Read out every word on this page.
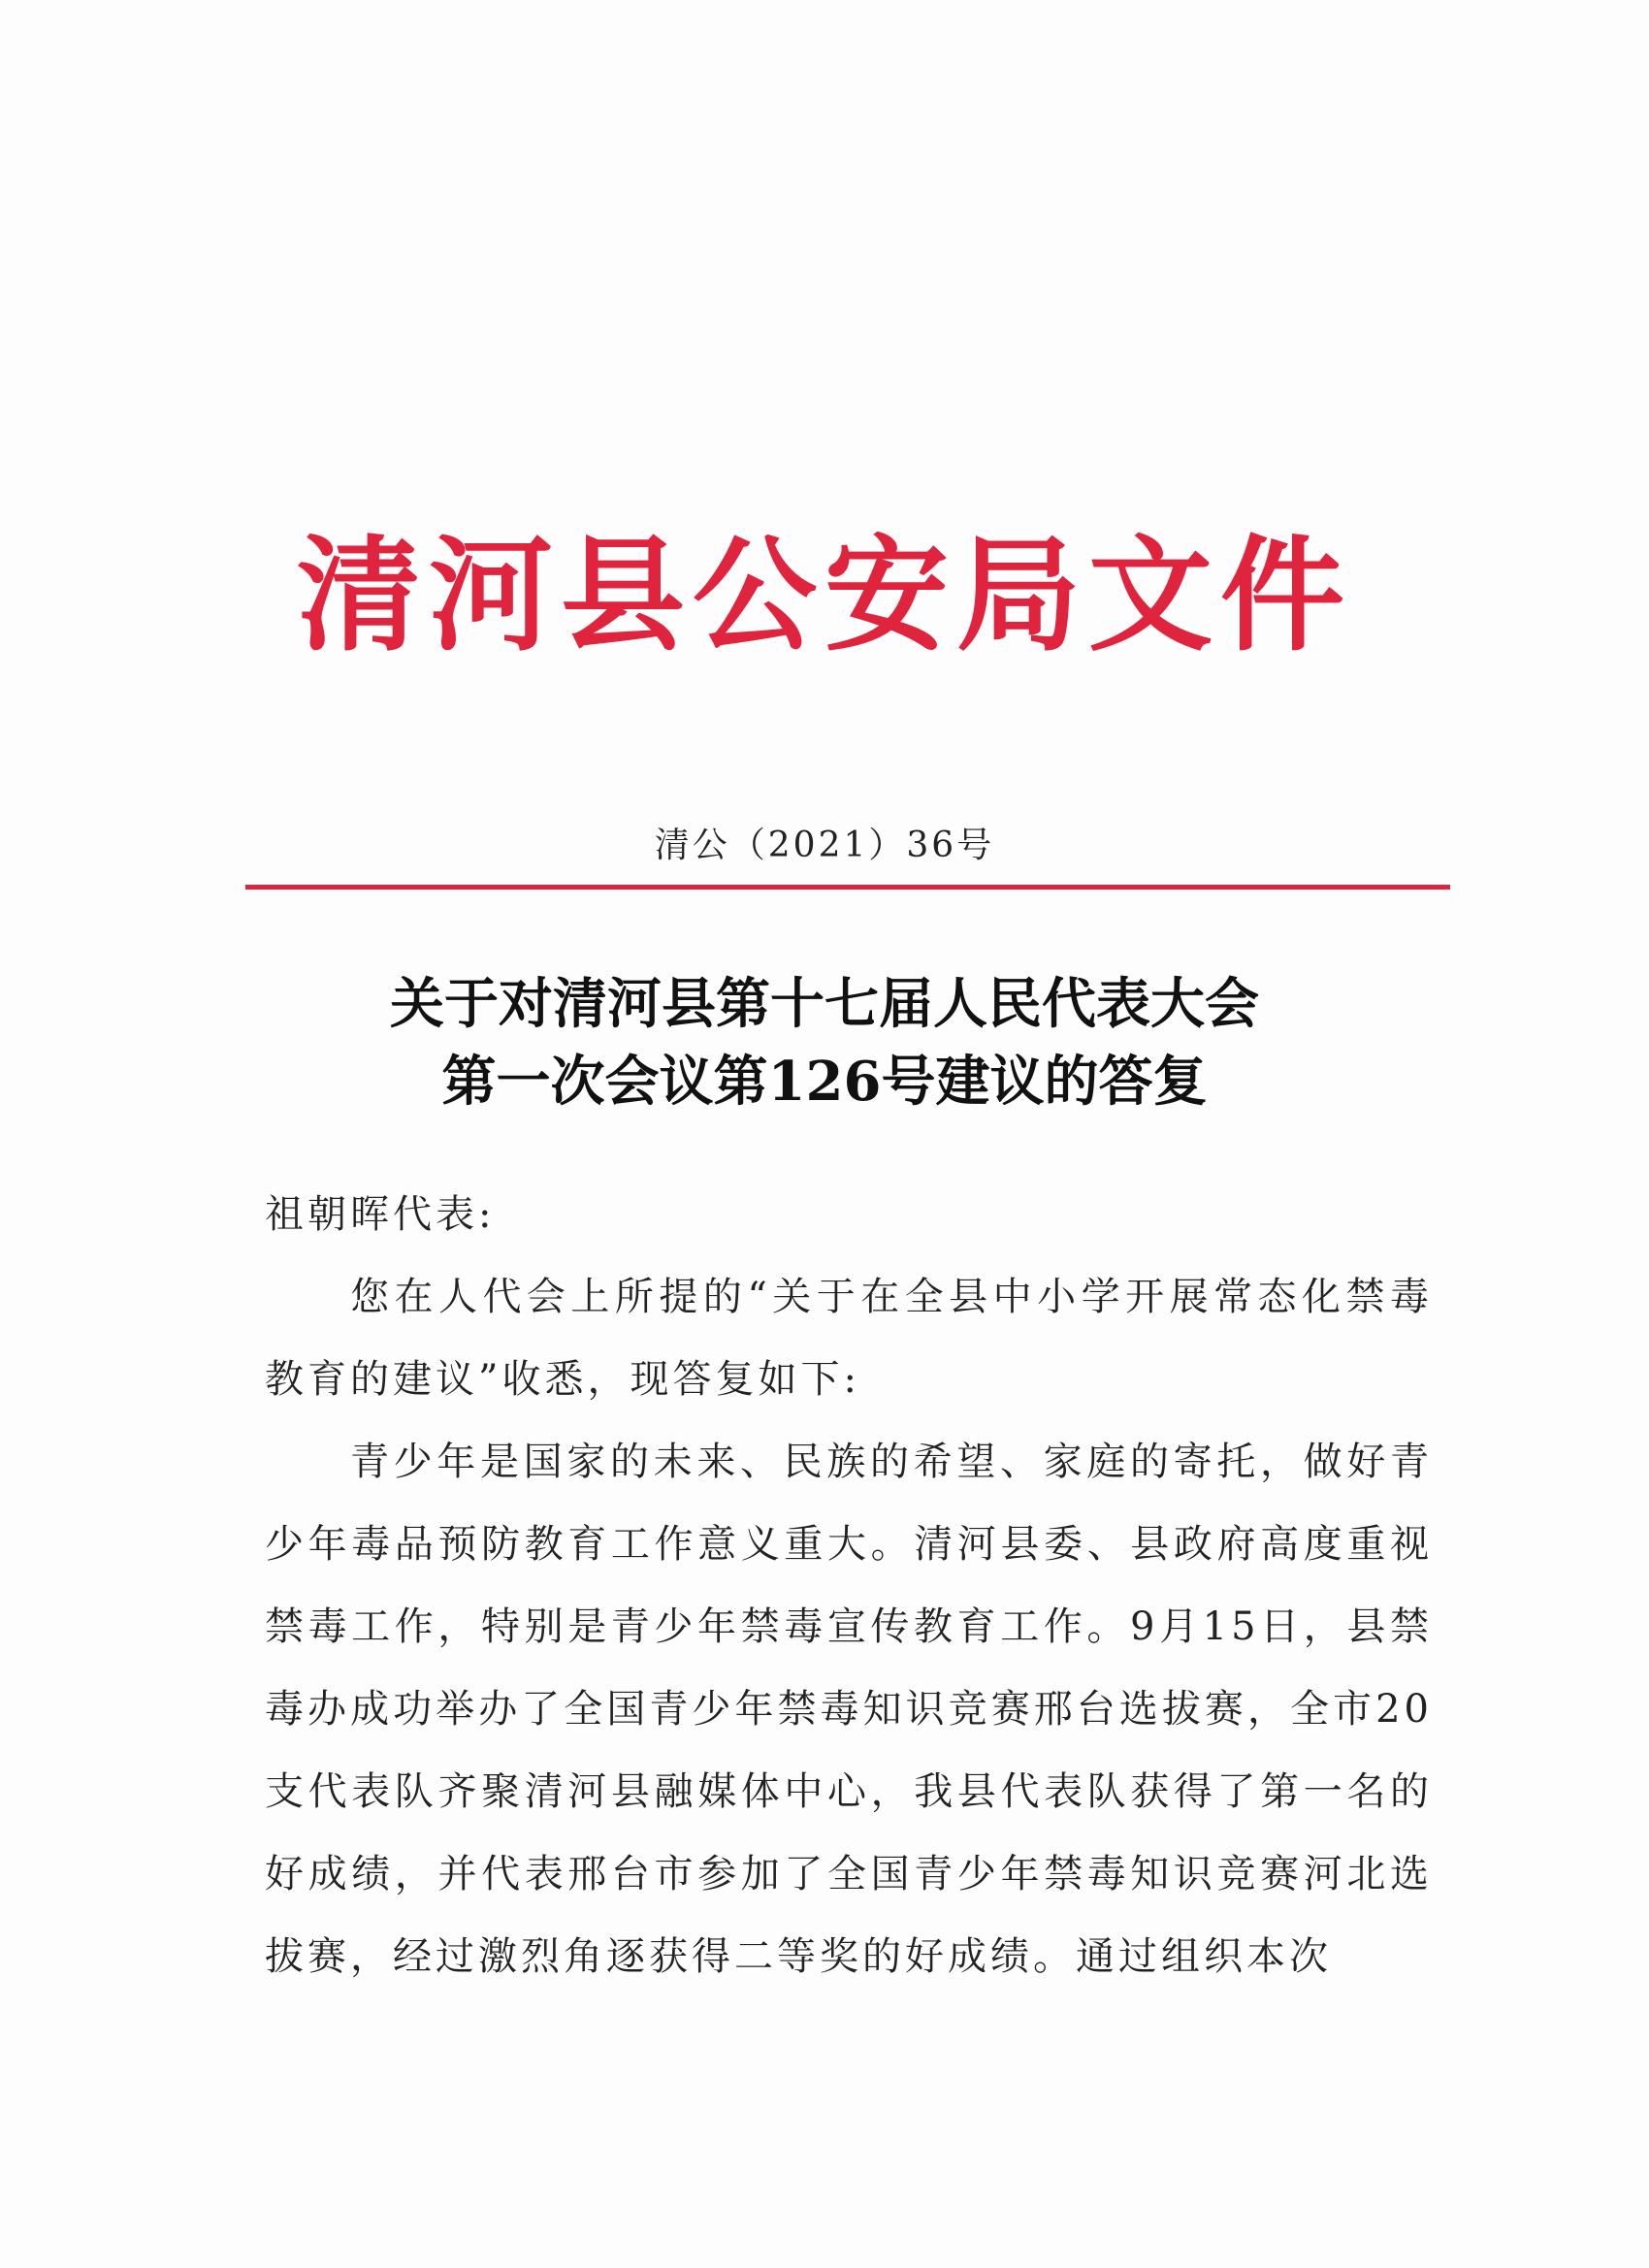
清河县公安局文件
清公（2021）36号
关于对清河县第十七届人民代表大会
第一次会议第126号建议的答复

祖朝晖代表:

您在人代会上所提的“关于在全县中小学开展常态化禁毒教育的建议”收悉，现答复如下:

青少年是国家的未来、民族的希望、家庭的寄托，做好青少年毒品预防教育工作意义重大。清河县委、县政府高度重视禁毒工作，特别是青少年禁毒宣传教育工作。9月15日，县禁毒办成功举办了全国青少年禁毒知识竞赛邢台选拔赛，全市20支代表队齐聚清河县融媒体中心，我县代表队获得了第一名的好成绩，并代表邢台市参加了全国青少年禁毒知识竞赛河北选拔赛，经过激烈角逐获得二等奖的好成绩。通过组织本次
